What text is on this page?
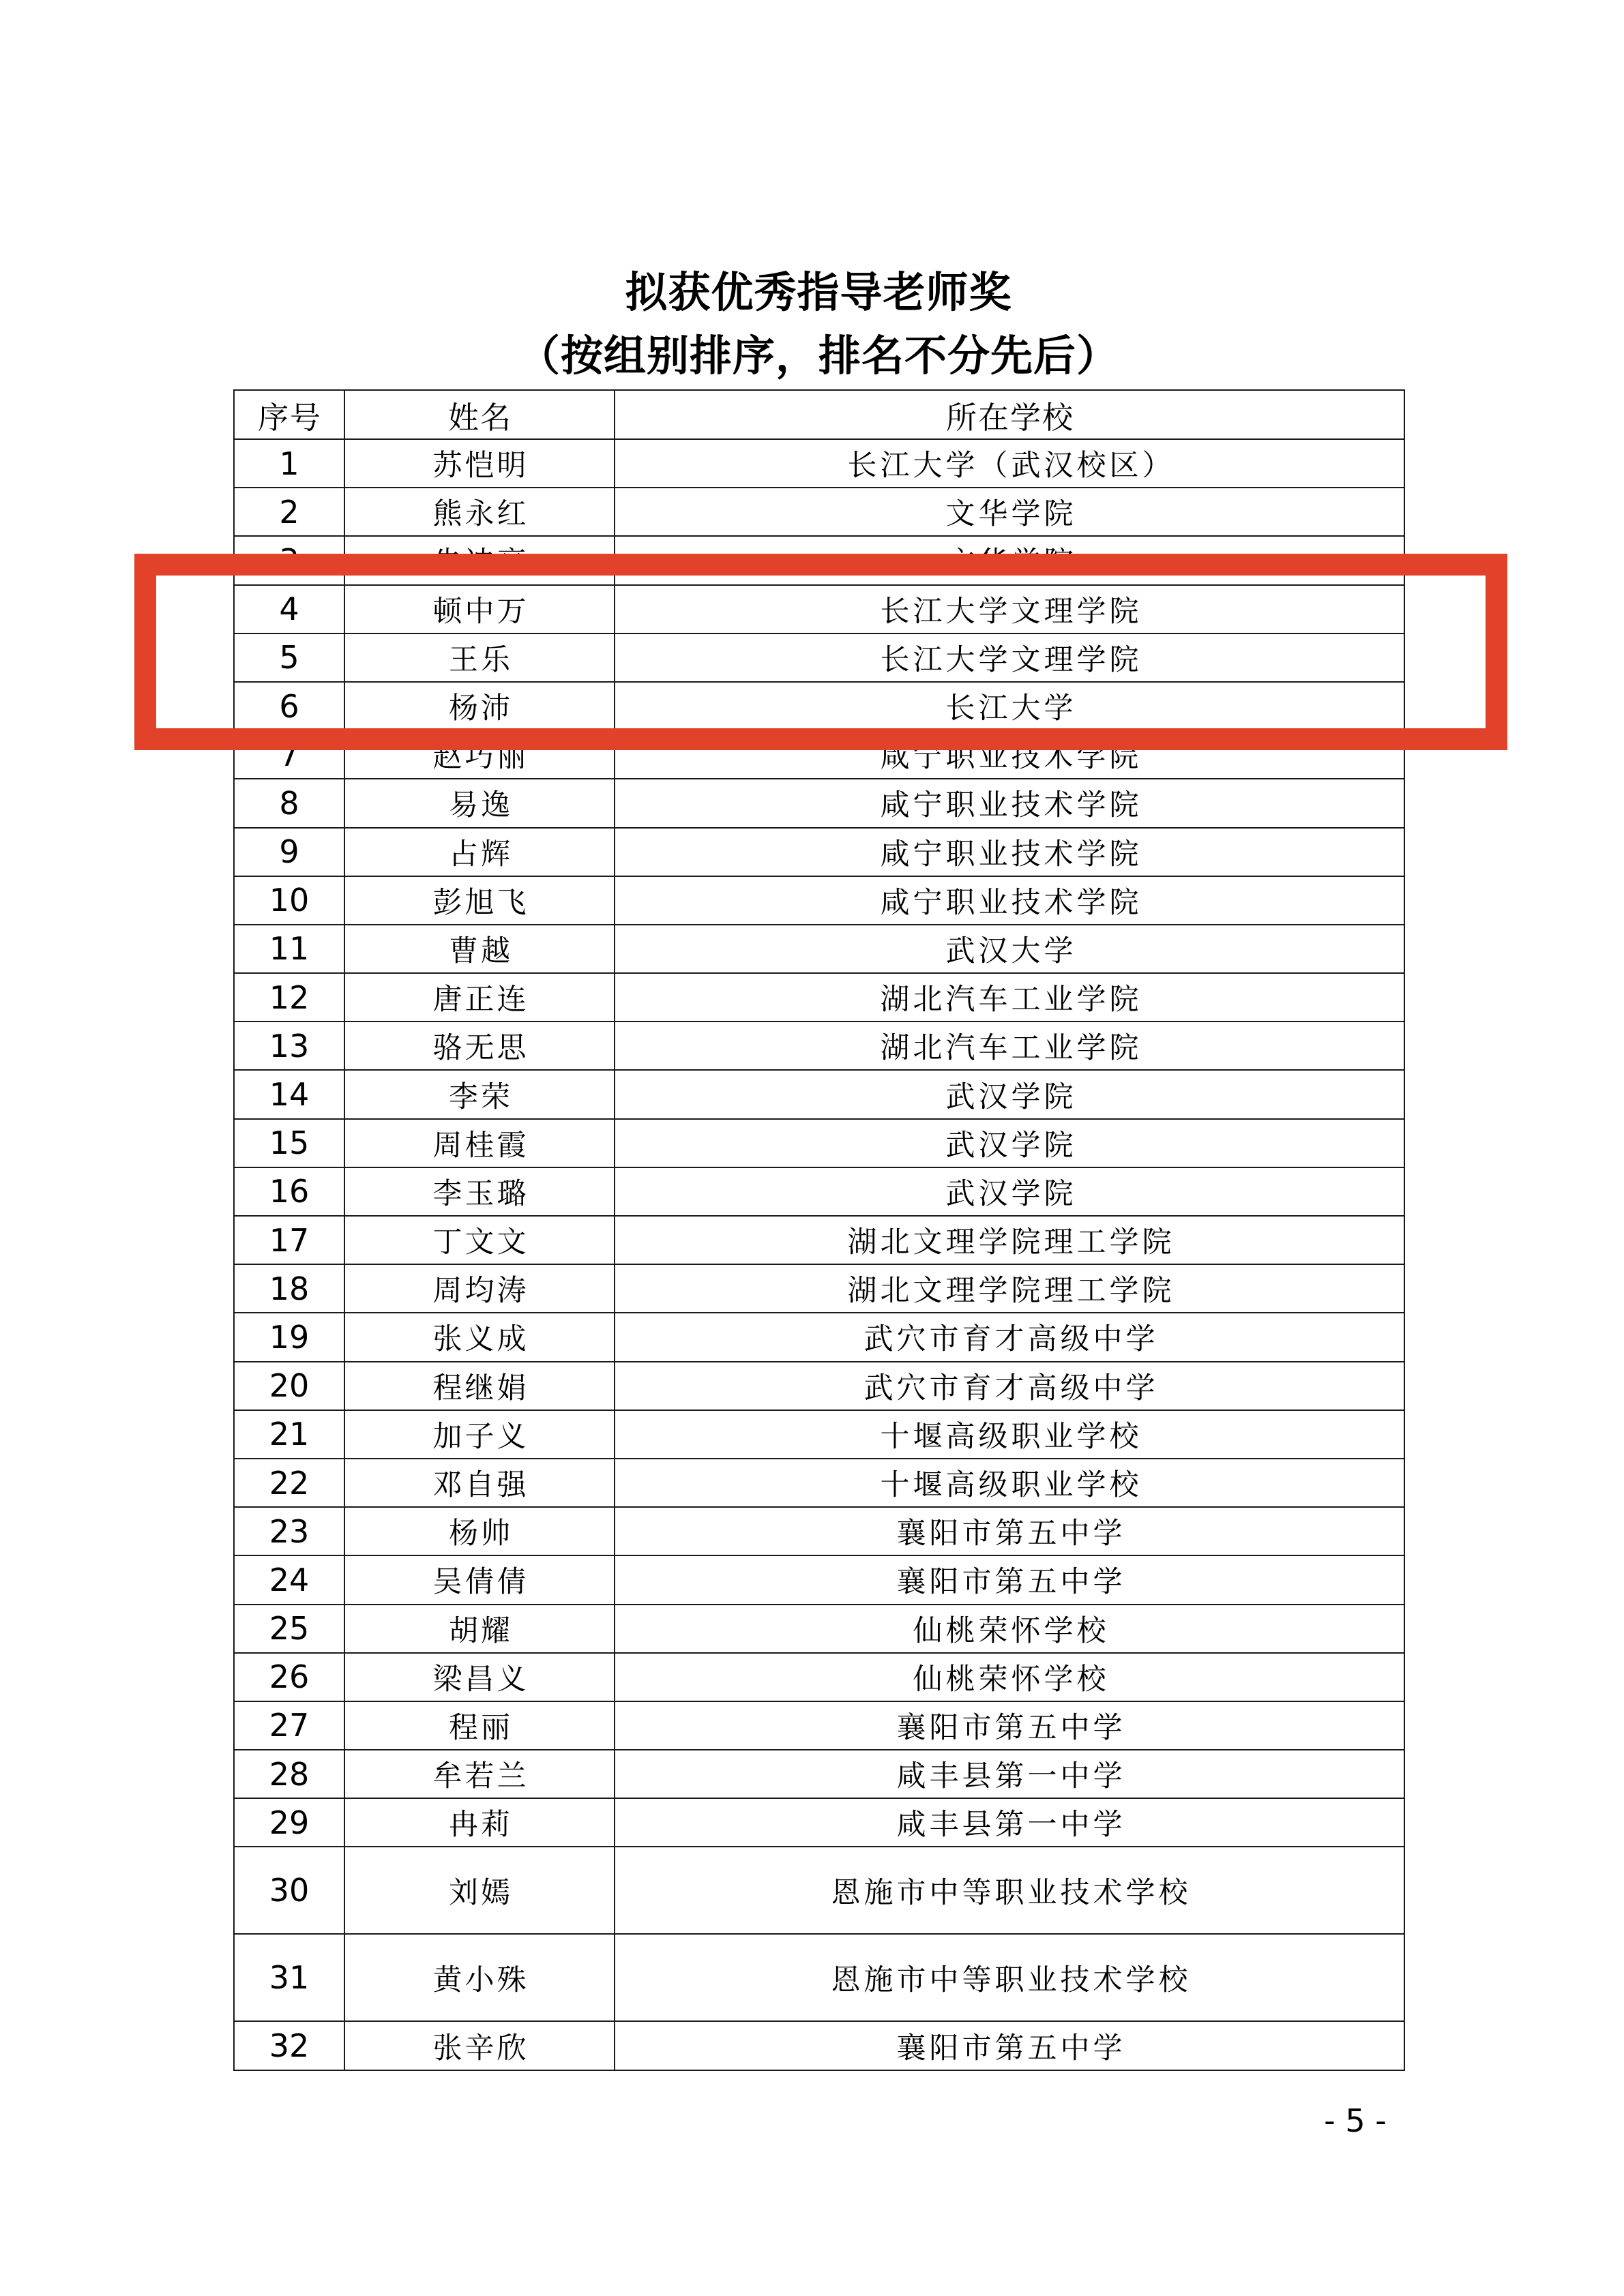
拟获优秀指导老师奖
（按组别排序，排名不分先后）
序号	姓名	所在学校
1	苏恺明	长江大学（武汉校区）
2	熊永红	文华学院
3	朱迪亮	文华学院
4	顿中万	长江大学文理学院
5	王乐	长江大学文理学院
6	杨沛	长江大学
7	赵巧丽	咸宁职业技术学院
8	易逸	咸宁职业技术学院
9	占辉	咸宁职业技术学院
10	彭旭飞	咸宁职业技术学院
11	曹越	武汉大学
12	唐正连	湖北汽车工业学院
13	骆无思	湖北汽车工业学院
14	李荣	武汉学院
15	周桂霞	武汉学院
16	李玉璐	武汉学院
17	丁文文	湖北文理学院理工学院
18	周均涛	湖北文理学院理工学院
19	张义成	武穴市育才高级中学
20	程继娟	武穴市育才高级中学
21	加子义	十堰高级职业学校
22	邓自强	十堰高级职业学校
23	杨帅	襄阳市第五中学
24	吴倩倩	襄阳市第五中学
25	胡耀	仙桃荣怀学校
26	梁昌义	仙桃荣怀学校
27	程丽	襄阳市第五中学
28	牟若兰	咸丰县第一中学
29	冉莉	咸丰县第一中学
30	刘嫣	恩施市中等职业技术学校
31	黄小殊	恩施市中等职业技术学校
32	张辛欣	襄阳市第五中学
- 5 -
